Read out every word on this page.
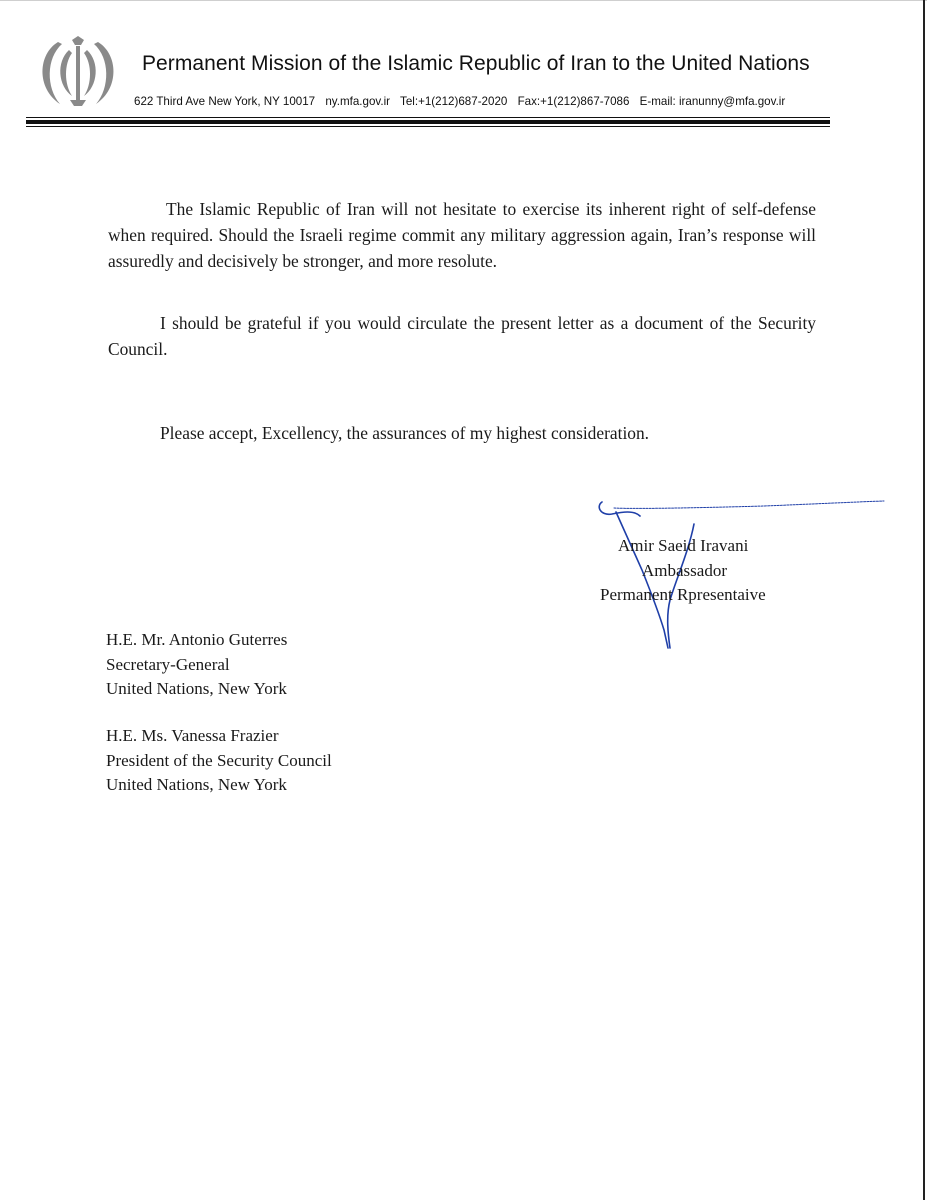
Permanent Mission of the Islamic Republic of Iran to the United Nations
622 Third Ave New York, NY 10017 ny.mfa.gov.ir Tel:+1(212)687-2020 Fax:+1(212)867-7086 E-mail: iranunny@mfa.gov.ir
The Islamic Republic of Iran will not hesitate to exercise its inherent right of self-defense when required. Should the Israeli regime commit any military aggression again, Iran’s response will assuredly and decisively be stronger, and more resolute.
I should be grateful if you would circulate the present letter as a document of the Security Council.
Please accept, Excellency, the assurances of my highest consideration.
Amir Saeid Iravani
Ambassador
Permanent Rpresentaive
H.E. Mr. Antonio Guterres
Secretary-General
United Nations, New York
H.E. Ms. Vanessa Frazier
President of the Security Council
United Nations, New York
